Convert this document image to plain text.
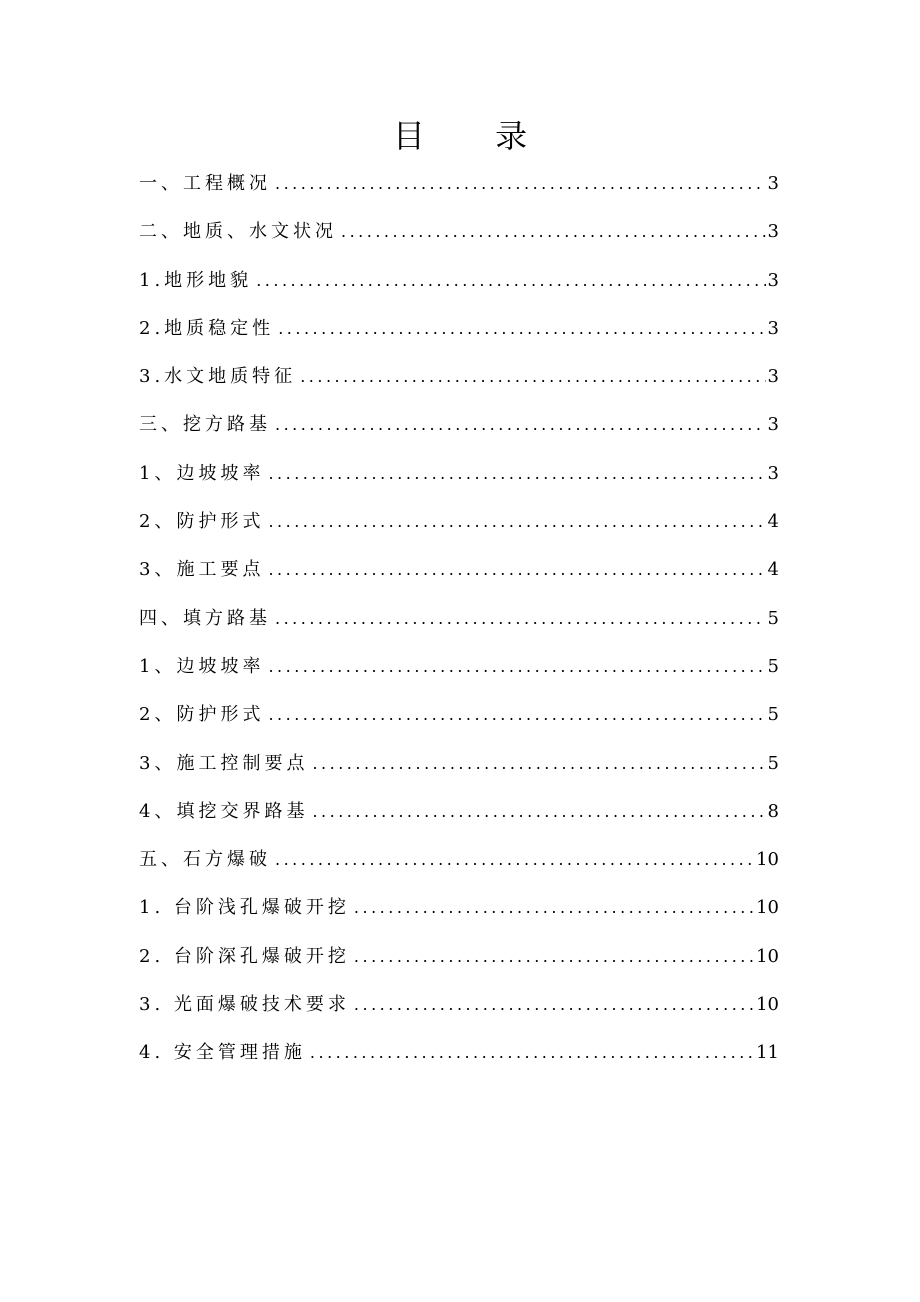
目 录
一、工程概况 .....	3
二、地质、水文状况 .....	3
1.地形地貌 .....	3
2.地质稳定性 .....	3
3.水文地质特征 .....	3
三、挖方路基 .....	3
1、边坡坡率 .....	3
2、防护形式 .....	4
3、施工要点 .....	4
四、填方路基 .....	5
1、边坡坡率 .....	5
2、防护形式 .....	5
3、施工控制要点 .....	5
4、填挖交界路基 .....	8
五、石方爆破 .....	10
1. 台阶浅孔爆破开挖 .....	10
2. 台阶深孔爆破开挖 .....	10
3. 光面爆破技术要求 .....	10
4. 安全管理措施 .....	11
